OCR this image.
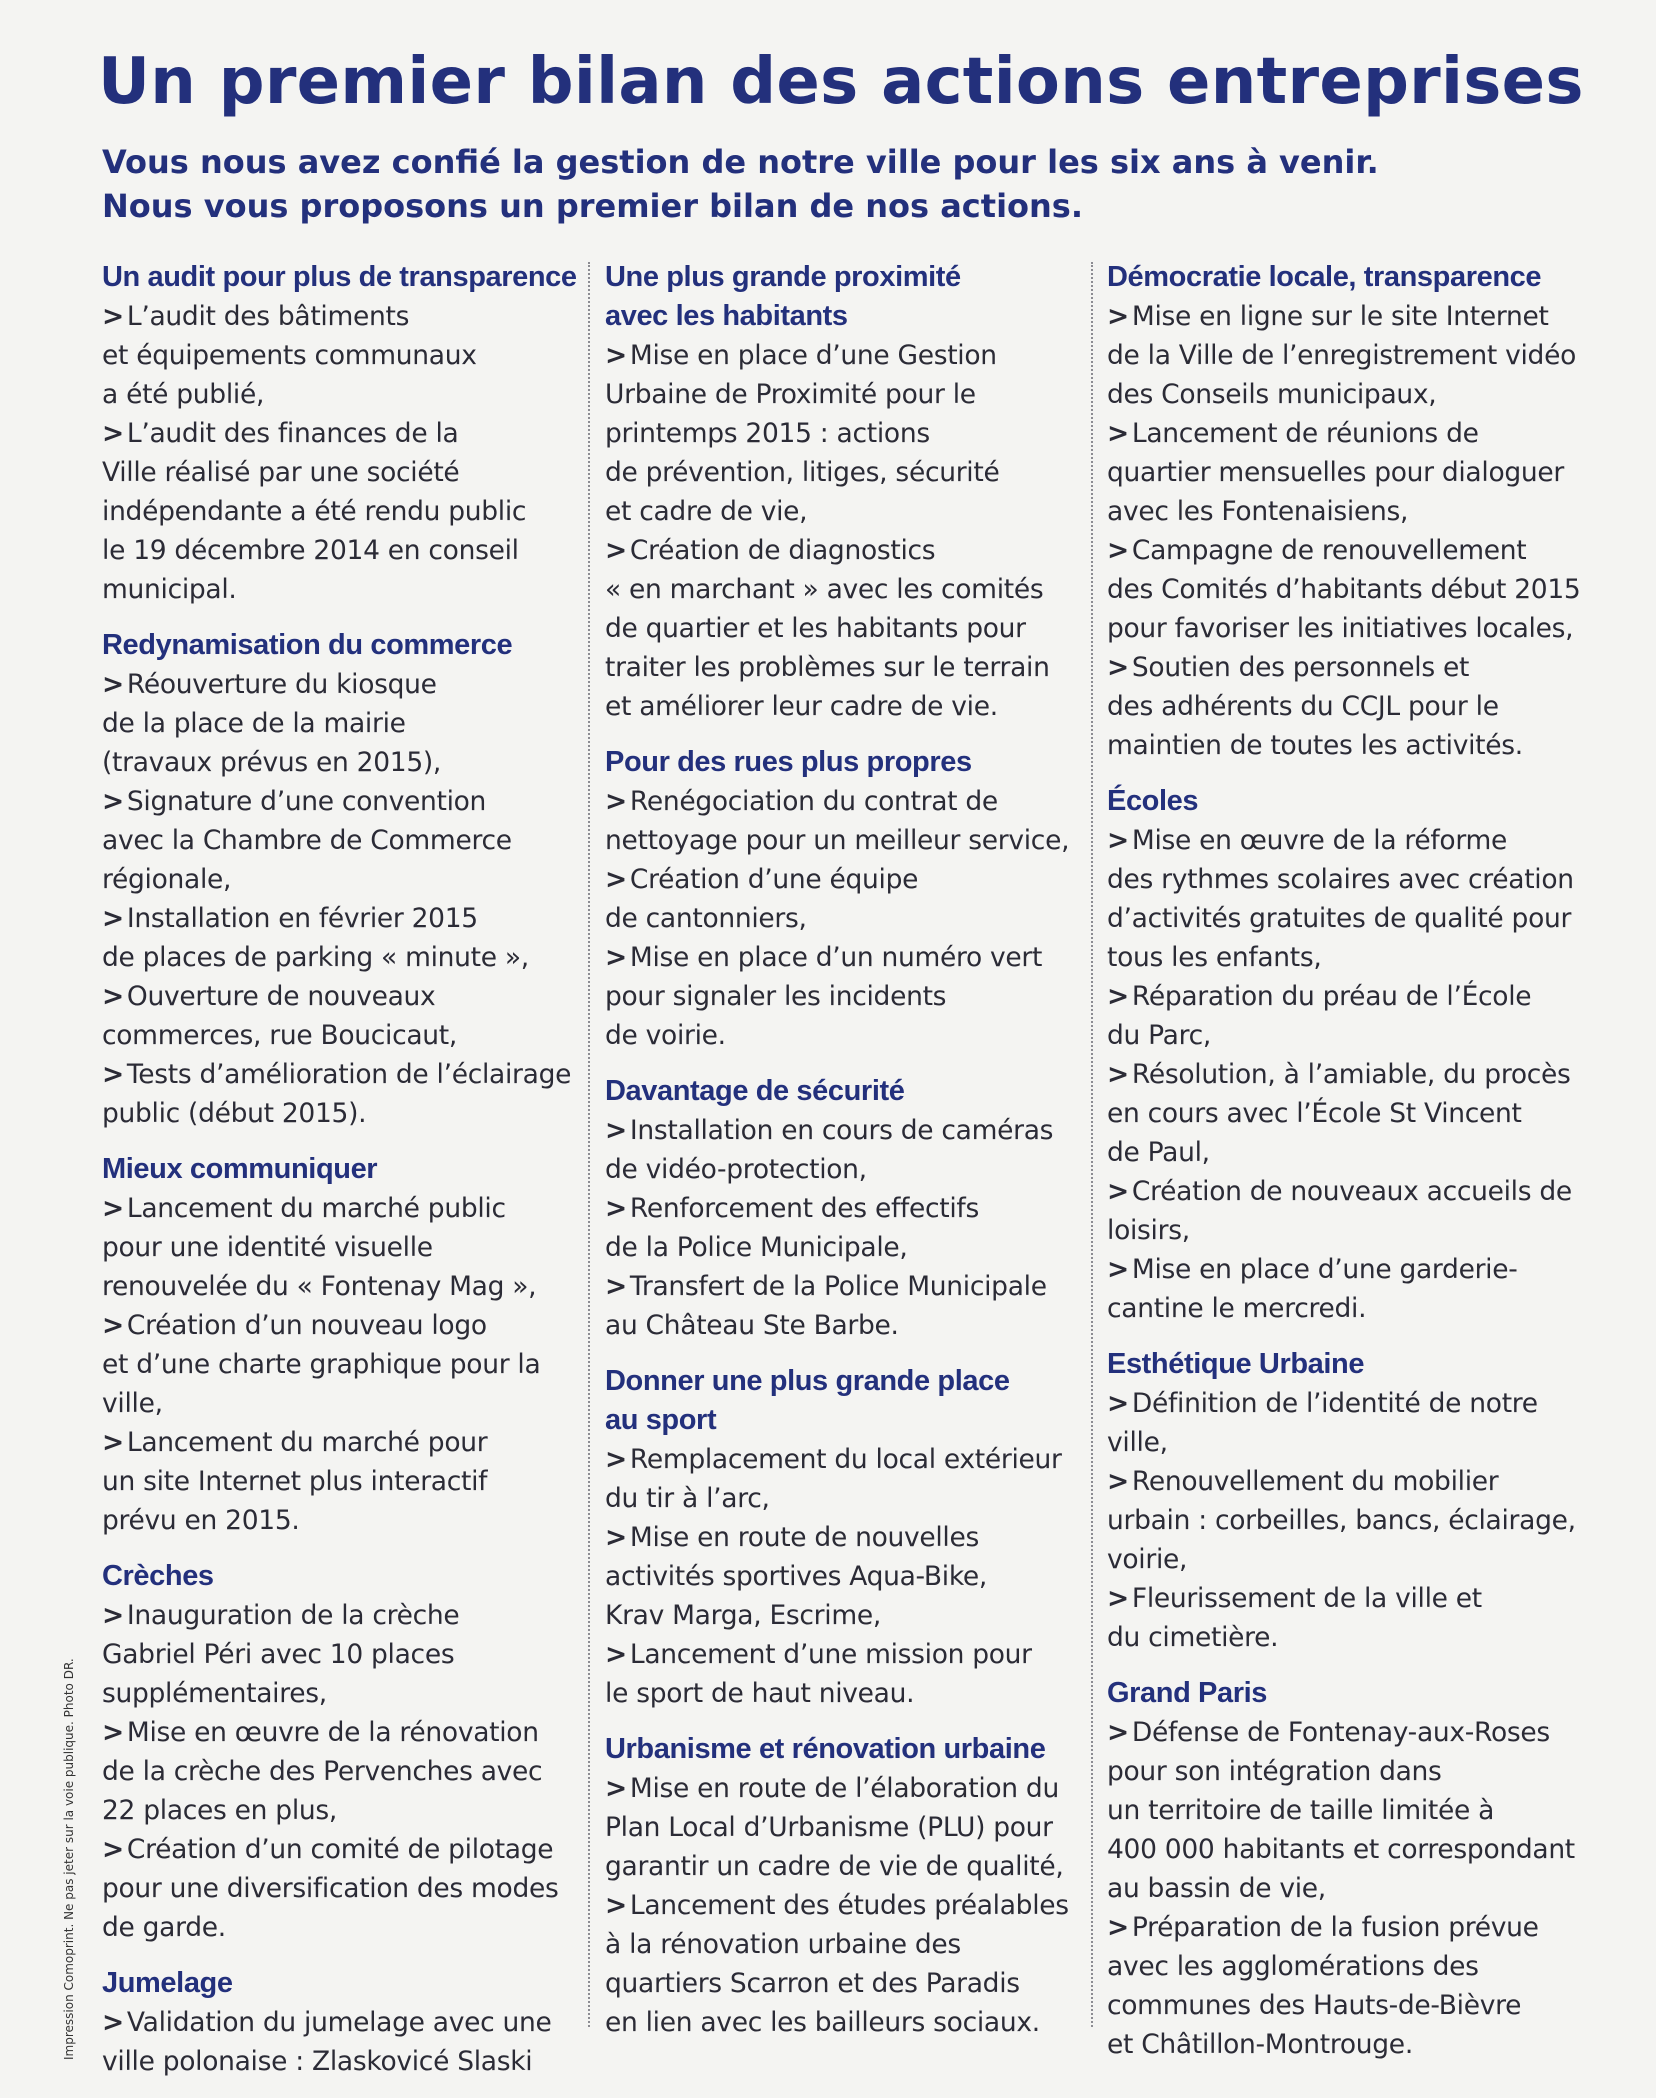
Un premier bilan des actions entreprises

Vous nous avez confié la gestion de notre ville pour les six ans à venir.

Nous vous proposons un premier bilan de nos actions.

Un audit pour plus de transparence
> L’audit des bâtiments
et équipements communaux
a été publié,
> L’audit des finances de la
Ville réalisé par une société
indépendante a été rendu public
le 19 décembre 2014 en conseil
municipal.
Redynamisation du commerce
> Réouverture du kiosque
de la place de la mairie
(travaux prévus en 2015),
> Signature d’une convention
avec la Chambre de Commerce
régionale,
> Installation en février 2015
de places de parking « minute »,
> Ouverture de nouveaux
commerces, rue Boucicaut,
> Tests d’amélioration de l’éclairage
public (début 2015).
Mieux communiquer
> Lancement du marché public
pour une identité visuelle
renouvelée du « Fontenay Mag »,
> Création d’un nouveau logo
et d’une charte graphique pour la ville,
> Lancement du marché pour
un site Internet plus interactif
prévu en 2015.
Crèches
> Inauguration de la crèche
Gabriel Péri avec 10 places
supplémentaires,
> Mise en œuvre de la rénovation
de la crèche des Pervenches avec
22 places en plus,
> Création d’un comité de pilotage
pour une diversification des modes
de garde.
Jumelage
> Validation du jumelage avec une
ville polonaise : Zlaskovicé Slaski
Une plus grande proximité
avec les habitants
> Mise en place d’une Gestion
Urbaine de Proximité pour le
printemps 2015 : actions
de prévention, litiges, sécurité
et cadre de vie,
> Création de diagnostics
« en marchant » avec les comités
de quartier et les habitants pour
traiter les problèmes sur le terrain
et améliorer leur cadre de vie.
Pour des rues plus propres
> Renégociation du contrat de
nettoyage pour un meilleur service,
> Création d’une équipe
de cantonniers,
> Mise en place d’un numéro vert
pour signaler les incidents
de voirie.
Davantage de sécurité
> Installation en cours de caméras
de vidéo-protection,
> Renforcement des effectifs
de la Police Municipale,
> Transfert de la Police Municipale
au Château Ste Barbe.
Donner une plus grande place
au sport
> Remplacement du local extérieur
du tir à l’arc,
> Mise en route de nouvelles
activités sportives Aqua-Bike,
Krav Marga, Escrime,
> Lancement d’une mission pour
le sport de haut niveau.
Urbanisme et rénovation urbaine
> Mise en route de l’élaboration du
Plan Local d’Urbanisme (PLU) pour
garantir un cadre de vie de qualité,
> Lancement des études préalables
à la rénovation urbaine des
quartiers Scarron et des Paradis
en lien avec les bailleurs sociaux.
Démocratie locale, transparence
> Mise en ligne sur le site Internet
de la Ville de l’enregistrement vidéo
des Conseils municipaux,
> Lancement de réunions de
quartier mensuelles pour dialoguer
avec les Fontenaisiens,
> Campagne de renouvellement
des Comités d’habitants début 2015
pour favoriser les initiatives locales,
> Soutien des personnels et
des adhérents du CCJL pour le
maintien de toutes les activités.
Écoles
> Mise en œuvre de la réforme
des rythmes scolaires avec création
d’activités gratuites de qualité pour
tous les enfants,
> Réparation du préau de l’École
du Parc,
> Résolution, à l’amiable, du procès
en cours avec l’École St Vincent
de Paul,
> Création de nouveaux accueils de
loisirs,
> Mise en place d’une garderie-
cantine le mercredi.
Esthétique Urbaine
> Définition de l’identité de notre ville,
> Renouvellement du mobilier
urbain : corbeilles, bancs, éclairage,
voirie,
> Fleurissement de la ville et
du cimetière.
Grand Paris
> Défense de Fontenay-aux-Roses
pour son intégration dans
un territoire de taille limitée à
400 000 habitants et correspondant
au bassin de vie,
> Préparation de la fusion prévue
avec les agglomérations des
communes des Hauts-de-Bièvre
et Châtillon-Montrouge.
Impression Comoprint. Ne pas jeter sur la voie publique. Photo DR.
